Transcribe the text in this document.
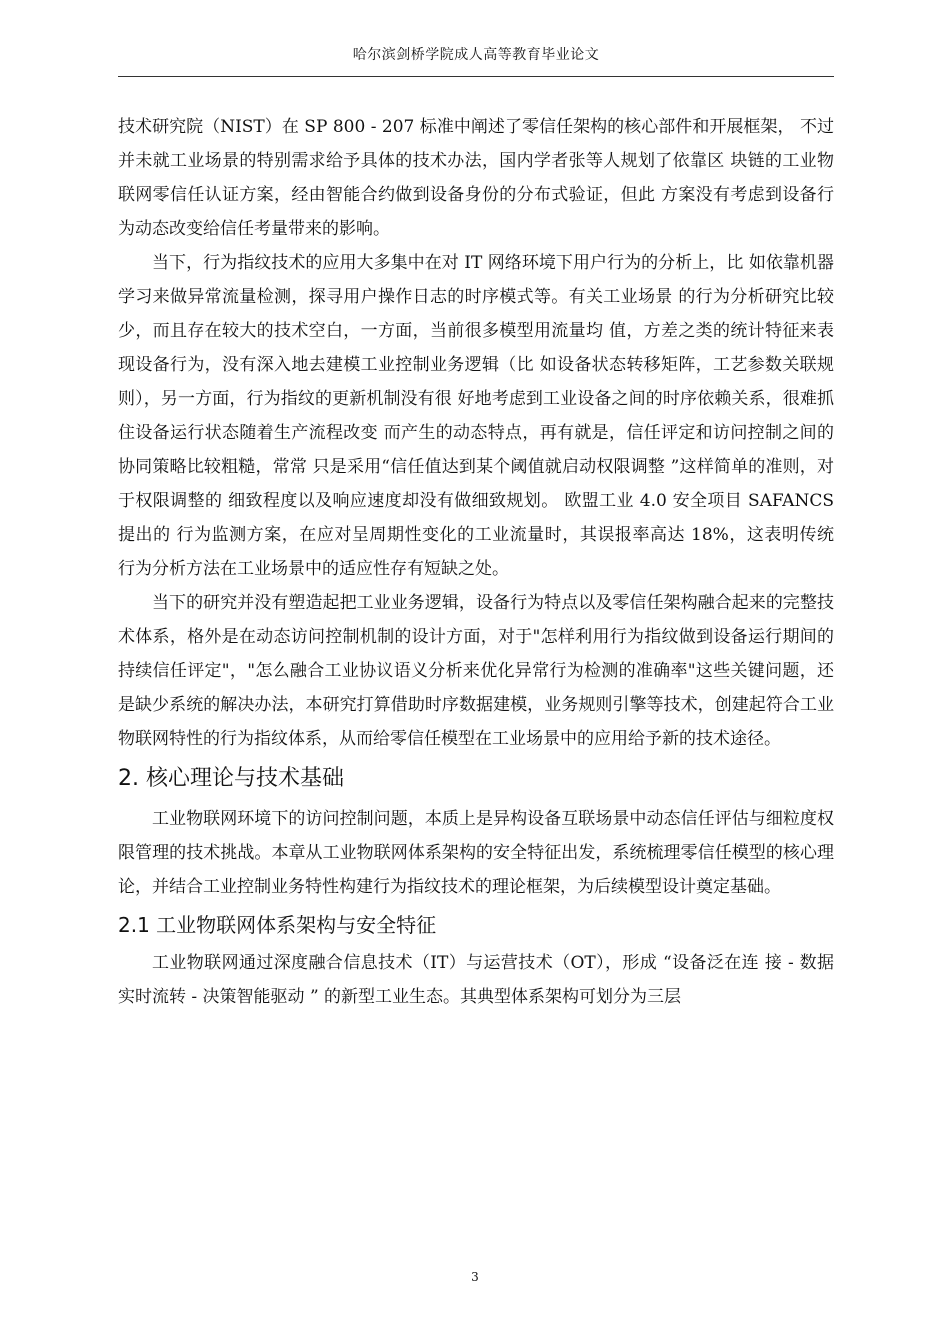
哈尔滨剑桥学院成人高等教育毕业论文

技术研究院（NIST）在 SP 800 - 207 标准中阐述了零信任架构的核心部件和开展框架， 不过并未就工业场景的特别需求给予具体的技术办法，国内学者张等人规划了依靠区 块链的工业物联网零信任认证方案，经由智能合约做到设备身份的分布式验证，但此 方案没有考虑到设备行为动态改变给信任考量带来的影响。

当下，行为指纹技术的应用大多集中在对 IT 网络环境下用户行为的分析上，比 如依靠机器学习来做异常流量检测，探寻用户操作日志的时序模式等。有关工业场景 的行为分析研究比较少，而且存在较大的技术空白，一方面，当前很多模型用流量均 值，方差之类的统计特征来表现设备行为，没有深入地去建模工业控制业务逻辑（比 如设备状态转移矩阵，工艺参数关联规则），另一方面，行为指纹的更新机制没有很 好地考虑到工业设备之间的时序依赖关系，很难抓住设备运行状态随着生产流程改变 而产生的动态特点，再有就是，信任评定和访问控制之间的协同策略比较粗糙，常常 只是采用“信任值达到某个阈值就启动权限调整 ”这样简单的准则，对于权限调整的 细致程度以及响应速度却没有做细致规划。 欧盟工业 4.0 安全项目 SAFANCS 提出的 行为监测方案，在应对呈周期性变化的工业流量时，其误报率高达 18%，这表明传统 行为分析方法在工业场景中的适应性存有短缺之处。

当下的研究并没有塑造起把工业业务逻辑，设备行为特点以及零信任架构融合起来的完整技术体系，格外是在动态访问控制机制的设计方面，对于"怎样利用行为指纹做到设备运行期间的持续信任评定"，"怎么融合工业协议语义分析来优化异常行为检测的准确率"这些关键问题，还是缺少系统的解决办法，本研究打算借助时序数据建模，业务规则引擎等技术，创建起符合工业物联网特性的行为指纹体系，从而给零信任模型在工业场景中的应用给予新的技术途径。

2. 核心理论与技术基础

工业物联网环境下的访问控制问题，本质上是异构设备互联场景中动态信任评估与细粒度权限管理的技术挑战。本章从工业物联网体系架构的安全特征出发，系统梳理零信任模型的核心理论，并结合工业控制业务特性构建行为指纹技术的理论框架，为后续模型设计奠定基础。

2.1 工业物联网体系架构与安全特征

工业物联网通过深度融合信息技术（IT）与运营技术（OT），形成 “设备泛在连 接 - 数据实时流转 - 决策智能驱动 ” 的新型工业生态。其典型体系架构可划分为三层

3
